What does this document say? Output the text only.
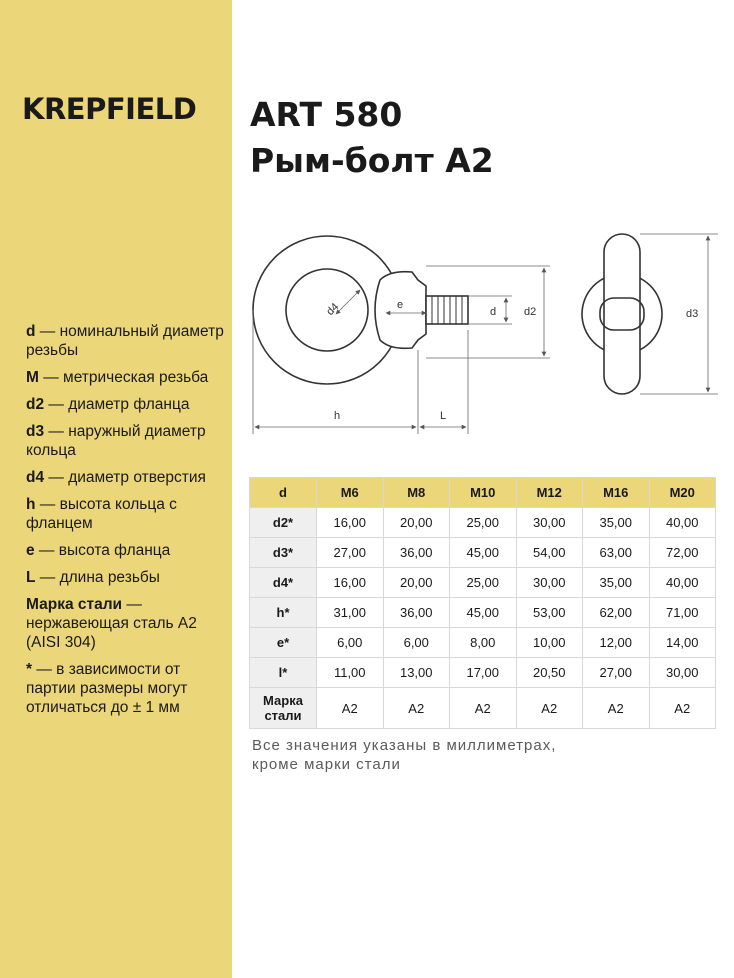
KREPFIELD
d — номинальный диаметр резьбы
M — метрическая резьба
d2 — диаметр фланца
d3 — наружный диаметр кольца
d4 — диаметр отверстия
h — высота кольца с фланцем
e — высота фланца
L — длина резьбы
Марка стали — нержавеющая сталь А2 (AISI 304)
* — в зависимости от партии размеры могут отличаться до ± 1 мм
ART 580
Рым-болт А2
d4	e
d	d2
h	L
d3
d	M6	M8	M10	M12	M16	M20
d2*	16,00	20,00	25,00	30,00	35,00	40,00
d3*	27,00	36,00	45,00	54,00	63,00	72,00
d4*	16,00	20,00	25,00	30,00	35,00	40,00
h*	31,00	36,00	45,00	53,00	62,00	71,00
e*	6,00	6,00	8,00	10,00	12,00	14,00
l*	11,00	13,00	17,00	20,50	27,00	30,00

Марка
стали	А2	А2	А2	А2	А2	А2
Все значения указаны в миллиметрах,
кроме марки стали
